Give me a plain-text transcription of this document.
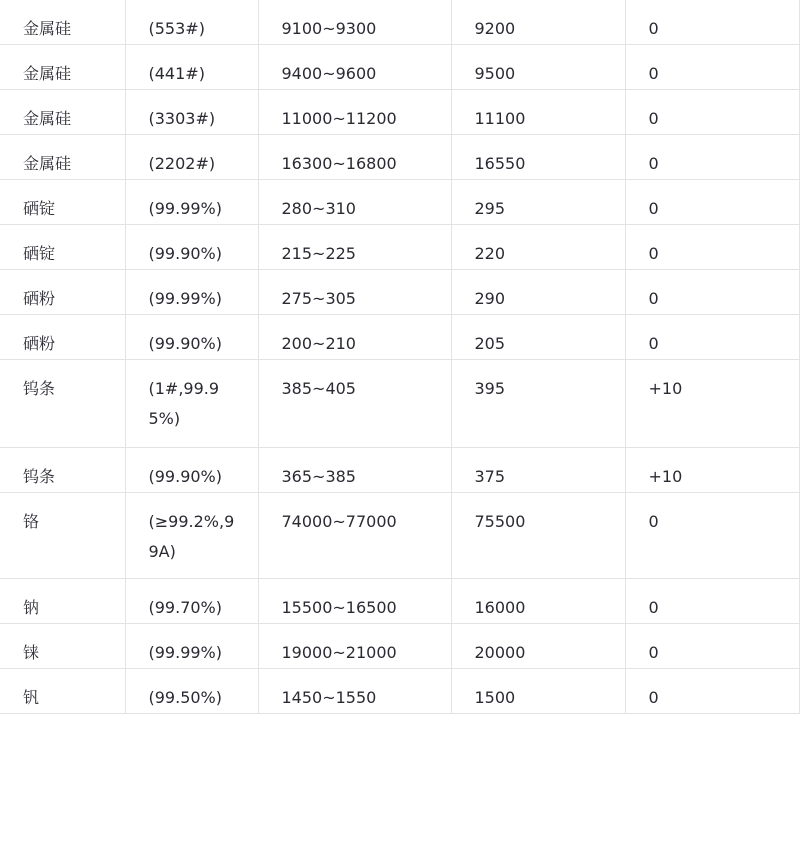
金属硅	(553#)	9100~9300	9200	0
金属硅	(441#)	9400~9600	9500	0
金属硅	(3303#)	11000~11200	11100	0
金属硅	(2202#)	16300~16800	16550	0
硒锭	(99.99%)	280~310	295	0
硒锭	(99.90%)	215~225	220	0
硒粉	(99.99%)	275~305	290	0
硒粉	(99.90%)	200~210	205	0
钨条	(1#,99.95%)	385~405	395	+10
钨条	(99.90%)	365~385	375	+10
铬	(≥99.2%,99A)	74000~77000	75500	0
钠	(99.70%)	15500~16500	16000	0
铼	(99.99%)	19000~21000	20000	0
钒	(99.50%)	1450~1550	1500	0
